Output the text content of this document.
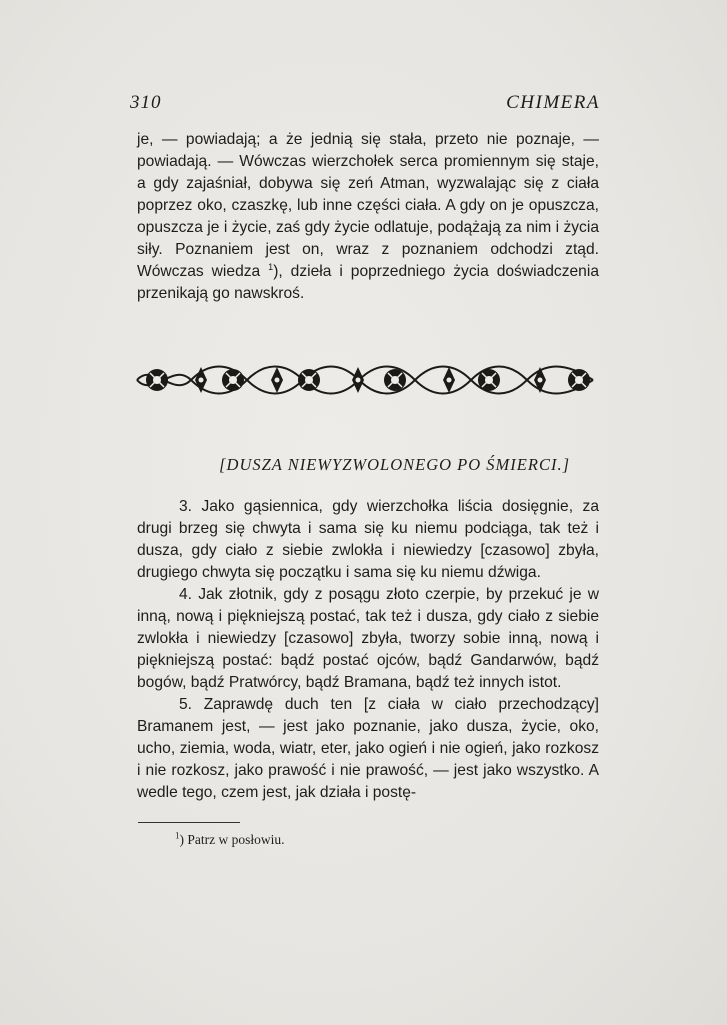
310	CHIMERA

je, — powiadają; a że jednią się stała, przeto nie poznaje, — powiadają. — Wówczas wierzchołek serca promiennym się staje, a gdy zajaśniał, dobywa się zeń Atman, wyzwalając się z ciała poprzez oko, czaszkę, lub inne części ciała. A gdy on je opuszcza, opuszcza je i życie, zaś gdy życie odlatuje, podążają za nim i życia siły. Poznaniem jest on, wraz z poznaniem odchodzi ztąd. Wówczas wiedza $^1$), dzieła i poprzedniego życia doświadczenia przenikają go nawskroś.

[DUSZA NIEWYZWOLONEGO PO ŚMIERCI.]

3. Jako gąsiennica, gdy wierzchołka liścia dosięgnie, za drugi brzeg się chwyta i sama się ku niemu podciąga, tak też i dusza, gdy ciało z siebie zwlokła i niewiedzy [czasowo] zbyła, drugiego chwyta się początku i sama się ku niemu dźwiga.

4. Jak złotnik, gdy z posągu złoto czerpie, by przekuć je w inną, nową i piękniejszą postać, tak też i dusza, gdy ciało z siebie zwlokła i niewiedzy [czasowo] zbyła, tworzy sobie inną, nową i piękniejszą postać: bądź postać ojców, bądź Gandarwów, bądź bogów, bądź Pratwórcy, bądź Bramana, bądź też innych istot.

5. Zaprawdę duch ten [z ciała w ciało przechodzący] Bramanem jest, — jest jako poznanie, jako dusza, życie, oko, ucho, ziemia, woda, wiatr, eter, jako ogień i nie ogień, jako rozkosz i nie rozkosz, jako prawość i nie prawość, — jest jako wszystko. A wedle tego, czem jest, jak działa i postę-

$^1$) Patrz w posłowiu.
